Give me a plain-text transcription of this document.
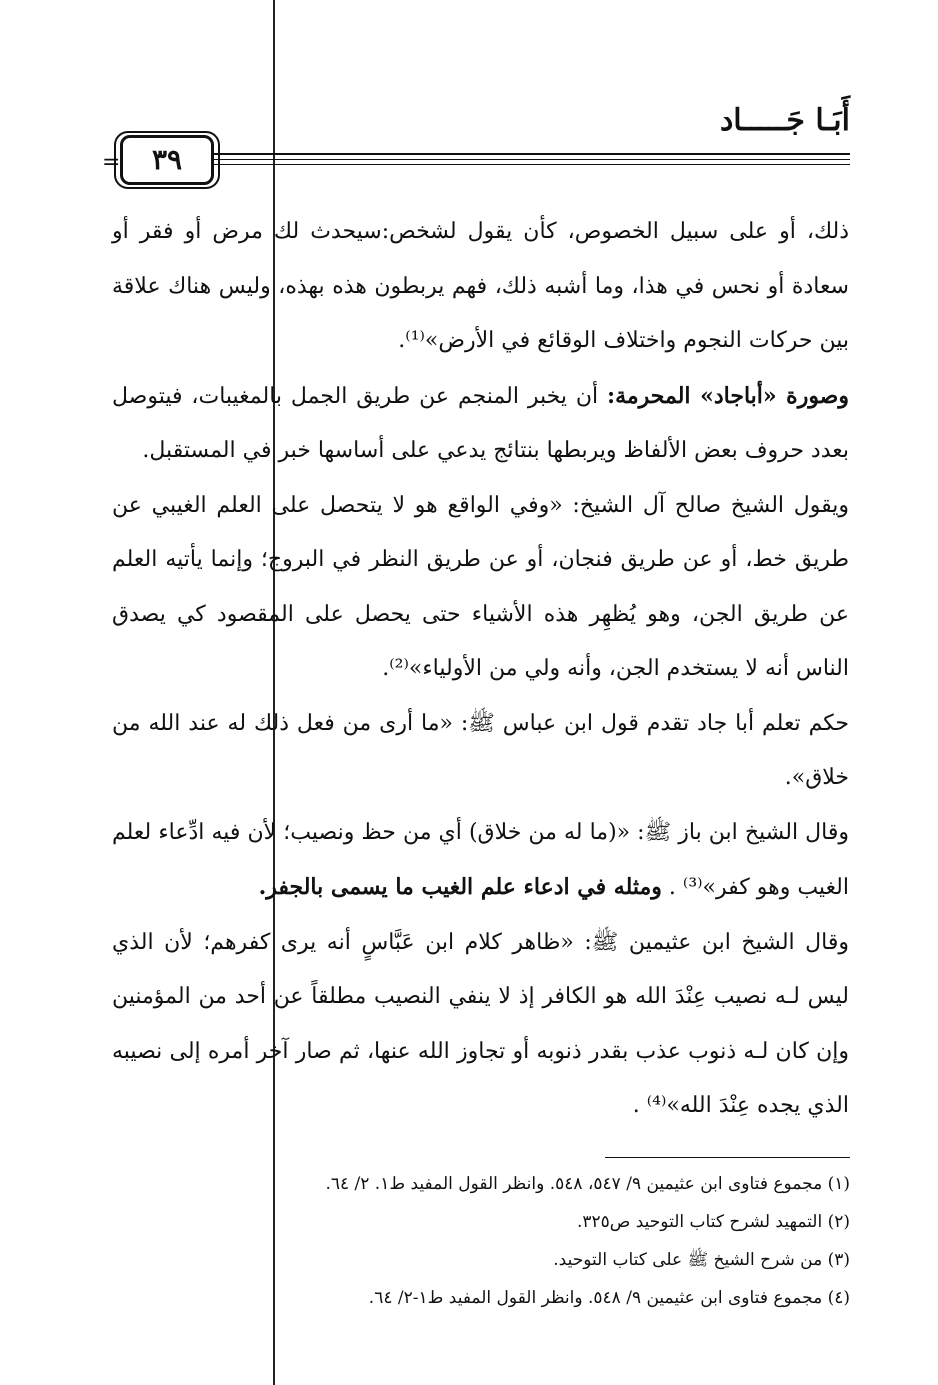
أَبَـا جَـــــاد
٣٩
=

ذلك، أو على سبيل الخصوص، كأن يقول لشخص:سيحدث لك مرض أو فقر أو سعادة أو نحس في هذا، وما أشبه ذلك، فهم يربطون هذه بهذه، وليس هناك علاقة بين حركات النجوم واختلاف الوقائع في الأرض»⁽¹⁾.

وصورة «أباجاد» المحرمة: أن يخبر المنجم عن طريق الجمل بالمغيبات، فيتوصل بعدد حروف بعض الألفاظ ويربطها بنتائج يدعي على أساسها خبر في المستقبل.

ويقول الشيخ صالح آل الشيخ: «وفي الواقع هو لا يتحصل على العلم الغيبي عن طريق خط، أو عن طريق فنجان، أو عن طريق النظر في البروج؛ وإنما يأتيه العلم عن طريق الجن، وهو يُظهِر هذه الأشياء حتى يحصل على المقصود كي يصدق الناس أنه لا يستخدم الجن، وأنه ولي من الأولياء»⁽²⁾.

حكم تعلم أبا جاد تقدم قول ابن عباس ﷺ: «ما أرى من فعل ذلك له عند الله من خلاق».

وقال الشيخ ابن باز ﷺ: «(ما له من خلاق) أي من حظ ونصيب؛ لأن فيه ادِّعاء لعلم الغيب وهو كفر»⁽³⁾ . ومثله في ادعاء علم الغيب ما يسمى بالجفر.

وقال الشيخ ابن عثيمين ﷺ: «ظاهر كلام ابن عَبَّاسٍ أنه يرى كفرهم؛ لأن الذي ليس لـه نصيب عِنْدَ الله هو الكافر إذ لا ينفي النصيب مطلقاً عن أحد من المؤمنين وإن كان لـه ذنوب عذب بقدر ذنوبه أو تجاوز الله عنها، ثم صار آخر أمره إلى نصيبه الذي يجده عِنْدَ الله»⁽⁴⁾ .

(١) مجموع فتاوى ابن عثيمين ٩/ ٥٤٧، ٥٤٨. وانظر القول المفيد ط١. ٢/ ٦٤.
(٢) التمهيد لشرح كتاب التوحيد ص٣٢٥.
(٣) من شرح الشيخ ﷺ على كتاب التوحيد.
(٤) مجموع فتاوى ابن عثيمين ٩/ ٥٤٨. وانظر القول المفيد ط١-٢/ ٦٤.
